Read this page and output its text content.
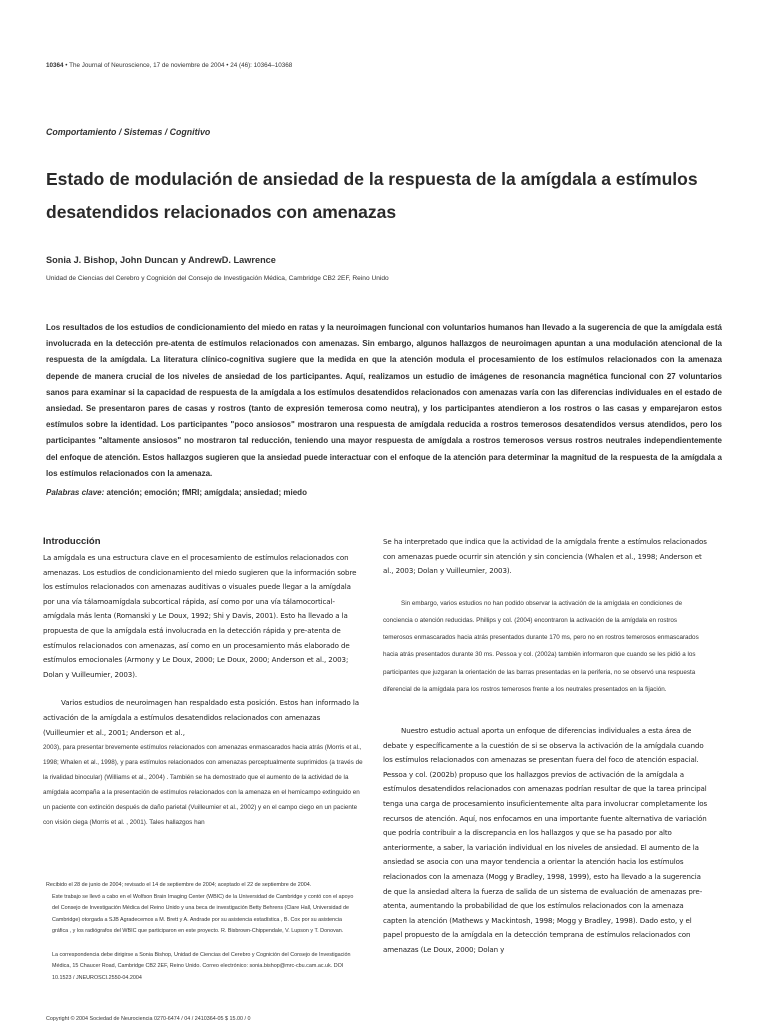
10364 • The Journal of Neuroscience, 17 de noviembre de 2004 • 24 (46): 10364–10368
Comportamiento / Sistemas / Cognitivo
Estado de modulación de ansiedad de la respuesta de la amígdala a estímulos desatendidos relacionados con amenazas
Sonia J. Bishop, John Duncan y AndrewD. Lawrence
Unidad de Ciencias del Cerebro y Cognición del Consejo de Investigación Médica, Cambridge CB2 2EF, Reino Unido

Los resultados de los estudios de condicionamiento del miedo en ratas y la neuroimagen funcional con voluntarios humanos han llevado a la sugerencia de que la amígdala está involucrada en la detección pre-atenta de estímulos relacionados con amenazas. Sin embargo, algunos hallazgos de neuroimagen apuntan a una modulación atencional de la respuesta de la amígdala. La literatura clínico-cognitiva sugiere que la medida en que la atención modula el procesamiento de los estímulos relacionados con la amenaza depende de manera crucial de los niveles de ansiedad de los participantes. Aquí, realizamos un estudio de imágenes de resonancia magnética funcional con 27 voluntarios sanos para examinar si la capacidad de respuesta de la amígdala a los estímulos desatendidos relacionados con amenazas varía con las diferencias individuales en el estado de ansiedad. Se presentaron pares de casas y rostros (tanto de expresión temerosa como neutra), y los participantes atendieron a los rostros o las casas y emparejaron estos estímulos sobre la identidad. Los participantes "poco ansiosos" mostraron una respuesta de amígdala reducida a rostros temerosos desatendidos versus atendidos, pero los participantes "altamente ansiosos" no mostraron tal reducción, teniendo una mayor respuesta de amígdala a rostros temerosos versus rostros neutrales independientemente del enfoque de atención. Estos hallazgos sugieren que la ansiedad puede interactuar con el enfoque de la atención para determinar la magnitud de la respuesta de la amígdala a los estímulos relacionados con la amenaza.

Palabras clave: atención; emoción; fMRI; amígdala; ansiedad; miedo
Introducción

La amígdala es una estructura clave en el procesamiento de estímulos relacionados con amenazas. Los estudios de condicionamiento del miedo sugieren que la información sobre los estímulos relacionados con amenazas auditivas o visuales puede llegar a la amígdala por una vía tálamoamígdala subcortical rápida, así como por una vía tálamocortical-amígdala más lenta (Romanski y Le Doux, 1992; Shi y Davis, 2001). Esto ha llevado a la propuesta de que la amígdala está involucrada en la detección rápida y pre-atenta de estímulos relacionados con amenazas, así como en un procesamiento más elaborado de estímulos emocionales (Armony y Le Doux, 2000; Le Doux, 2000; Anderson et al., 2003; Dolan y Vuilleumier, 2003).

Varios estudios de neuroimagen han respaldado esta posición. Estos han informado la activación de la amígdala a estímulos desatendidos relacionados con amenazas (Vuilleumier et al., 2001; Anderson et al.,

2003), para presentar brevemente estímulos relacionados con amenazas enmascarados hacia atrás (Morris et al., 1998; Whalen et al., 1998), y para estímulos relacionados con amenazas perceptualmente suprimidos (a través de la rivalidad binocular) (Williams et al., 2004) . También se ha demostrado que el aumento de la actividad de la amígdala acompaña a la presentación de estímulos relacionados con la amenaza en el hemicampo extinguido en un paciente con extinción después de daño parietal (Vuilleumier et al., 2002) y en el campo ciego en un paciente con visión ciega (Morris et al. , 2001). Tales hallazgos han

Se ha interpretado que indica que la actividad de la amígdala frente a estímulos relacionados con amenazas puede ocurrir sin atención y sin conciencia (Whalen et al., 1998; Anderson et al., 2003; Dolan y Vuilleumier, 2003).

Sin embargo, varios estudios no han podido observar la activación de la amígdala en condiciones de conciencia o atención reducidas. Phillips y col. (2004) encontraron la activación de la amígdala en rostros temerosos enmascarados hacia atrás presentados durante 170 ms, pero no en rostros temerosos enmascarados hacia atrás presentados durante 30 ms. Pessoa y col. (2002a) también informaron que cuando se les pidió a los participantes que juzgaran la orientación de las barras presentadas en la periferia, no se observó una respuesta diferencial de la amígdala para los rostros temerosos frente a los neutrales presentados en la fijación.

Nuestro estudio actual aporta un enfoque de diferencias individuales a esta área de debate y específicamente a la cuestión de si se observa la activación de la amígdala cuando los estímulos relacionados con amenazas se presentan fuera del foco de atención espacial. Pessoa y col. (2002b) propuso que los hallazgos previos de activación de la amígdala a estímulos desatendidos relacionados con amenazas podrían resultar de que la tarea principal tenga una carga de procesamiento insuficientemente alta para involucrar completamente los recursos de atención. Aquí, nos enfocamos en una importante fuente alternativa de variación que podría contribuir a la discrepancia en los hallazgos y que se ha pasado por alto anteriormente, a saber, la variación individual en los niveles de ansiedad. El aumento de la ansiedad se asocia con una mayor tendencia a orientar la atención hacia los estímulos relacionados con la amenaza (Mogg y Bradley, 1998, 1999), esto ha llevado a la sugerencia de que la ansiedad altera la fuerza de salida de un sistema de evaluación de amenazas pre-atenta, aumentando la probabilidad de que los estímulos relacionados con la amenaza capten la atención (Mathews y Mackintosh, 1998; Mogg y Bradley, 1998). Dado esto, y el papel propuesto de la amígdala en la detección temprana de estímulos relacionados con amenazas (Le Doux, 2000; Dolan y

Recibido el 28 de junio de 2004; revisado el 14 de septiembre de 2004; aceptado el 22 de septiembre de 2004.

Este trabajo se llevó a cabo en el Wolfson Brain Imaging Center (WBIC) de la Universidad de Cambridge y contó con el apoyo del Consejo de Investigación Médica del Reino Unido y una beca de investigación Betty Behrens (Clare Hall, Universidad de Cambridge) otorgada a SJB Agradecemos a M. Brett y A. Andrade por su asistencia estadística , B. Cox por su asistencia gráfica , y los radiógrafos del WBIC que participaron en este proyecto. R. Bisbrown-Chippendale, V. Lupson y T. Donovan.

La correspondencia debe dirigirse a Sonia Bishop, Unidad de Ciencias del Cerebro y Cognición del Consejo de Investigación Médica, 15 Chaucer Road, Cambridge CB2 2EF, Reino Unido. Correo electrónico: sonia.bishop@mrc-cbu.cam.ac.uk. DOI 10.1523 / JNEUROSCI.2550-04.2004

Copyright © 2004 Sociedad de Neurociencia 0270-6474 / 04 / 2410364-05 $ 15.00 / 0
